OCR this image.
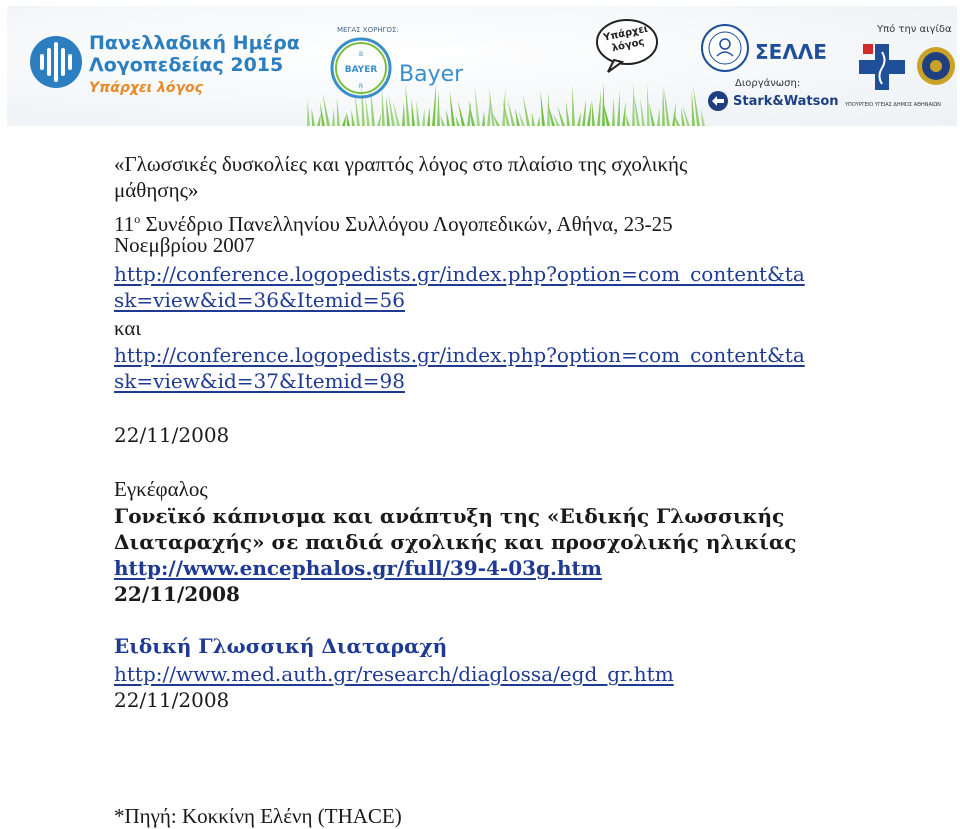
Πανελλαδική Ημέρα
Λογοπεδείας 2015
Υπάρχει λόγος
ΜΕΓΑΣ ΧΟΡΗΓΟΣ:
BAYER
B
R Bayer
Υπάρχει λόγος	ΣΕΛΛΕ
Διοργάνωση:
Stark&Watson
Υπό την αιγίδα
ΥΠΟΥΡΓΕΙΟ ΥΓΕΙΑΣ ΔΗΜΟΣ ΑΘΗΝΑΙΩΝ
«Γλωσσικές δυσκολίες και γραπτός λόγος στο πλαίσιο της σχολικής
μάθησης»
$11^o$ Συνέδριο Πανελληνίου Συλλόγου Λογοπεδικών, Αθήνα, 23-25
Νοεμβρίου 2007
http://conference.logopedists.gr/index.php?option=com_content&ta
sk=view&id=36&Itemid=56
και
http://conference.logopedists.gr/index.php?option=com_content&ta
sk=view&id=37&Itemid=98
22/11/2008
Εγκέφαλος
Γονεϊκό κάπνισμα και ανάπτυξη της «Ειδικής Γλωσσικής
Διαταραχής» σε παιδιά σχολικής και προσχολικής ηλικίας
http://www.encephalos.gr/full/39-4-03g.htm
22/11/2008
Ειδική Γλωσσική Διαταραχή
http://www.med.auth.gr/research/diaglossa/egd_gr.htm
22/11/2008
*Πηγή: Κοκκίνη Ελένη (THACE)
